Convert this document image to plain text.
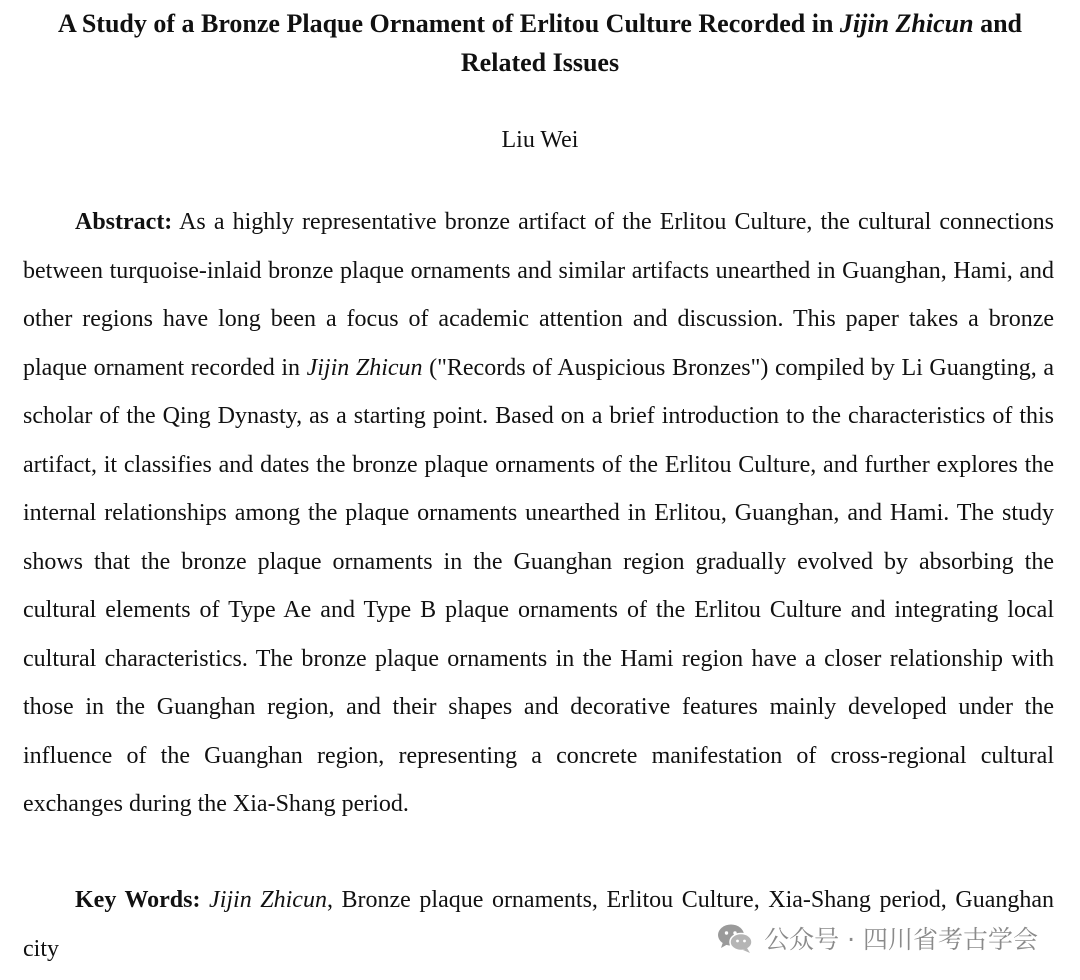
A Study of a Bronze Plaque Ornament of Erlitou Culture Recorded in Jijin Zhicun and Related Issues
Liu Wei

Abstract: As a highly representative bronze artifact of the Erlitou Culture, the cultural connections between turquoise-inlaid bronze plaque ornaments and similar artifacts unearthed in Guanghan, Hami, and other regions have long been a focus of academic attention and discussion. This paper takes a bronze plaque ornament recorded in Jijin Zhicun ("Records of Auspicious Bronzes") compiled by Li Guangting, a scholar of the Qing Dynasty, as a starting point. Based on a brief introduction to the characteristics of this artifact, it classifies and dates the bronze plaque ornaments of the Erlitou Culture, and further explores the internal relationships among the plaque ornaments unearthed in Erlitou, Guanghan, and Hami. The study shows that the bronze plaque ornaments in the Guanghan region gradually evolved by absorbing the cultural elements of Type Ae and Type B plaque ornaments of the Erlitou Culture and integrating local cultural characteristics. The bronze plaque ornaments in the Hami region have a closer relationship with those in the Guanghan region, and their shapes and decorative features mainly developed under the influence of the Guanghan region, representing a concrete manifestation of cross-regional cultural exchanges during the Xia-Shang period.

Key Words: Jijin Zhicun, Bronze plaque ornaments, Erlitou Culture, Xia-Shang period, Guanghan city	公众号 · 四川省考古学会
